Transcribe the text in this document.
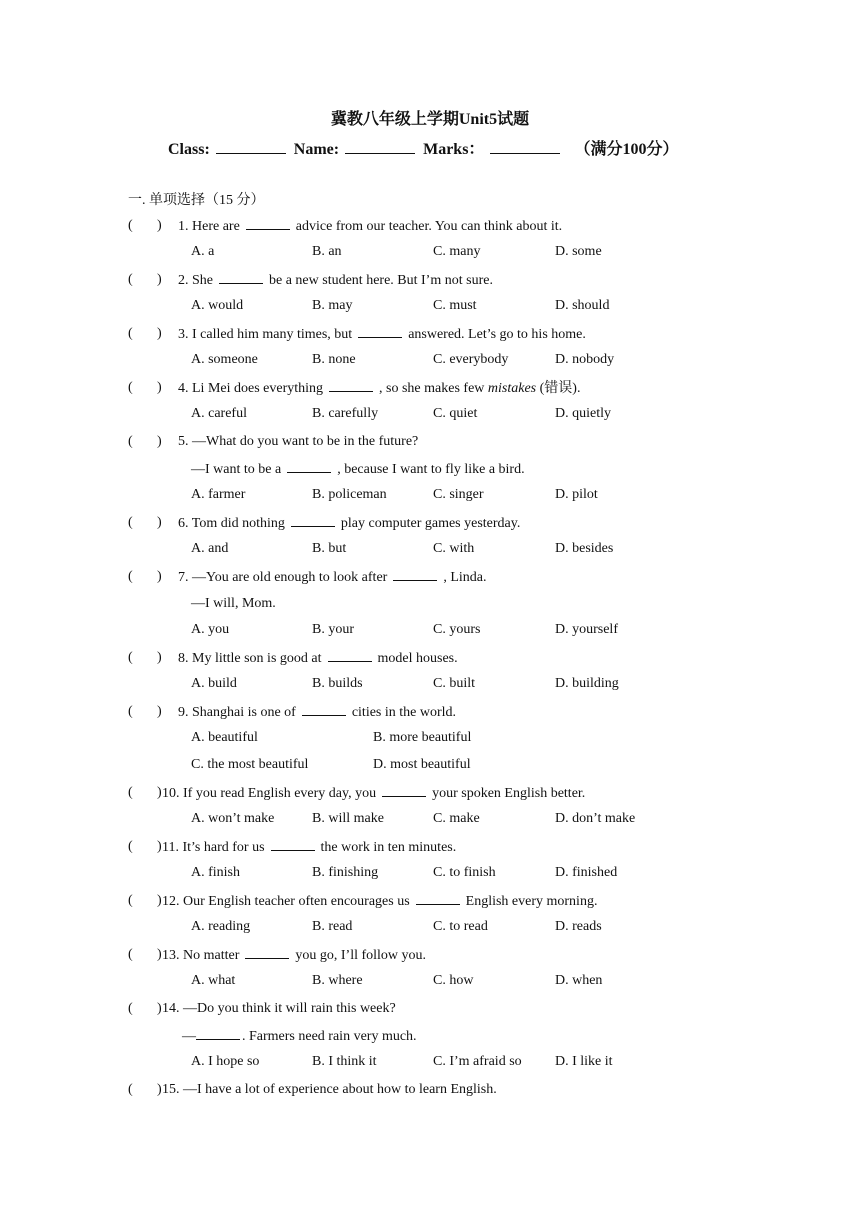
冀教八年级上学期Unit5试题
Class:	Name:	Marks：	（满分100分）
一. 单项选择（15 分）
( ) 1. Here are	advice from our teacher. You can think about it.
A. a	B. an	C. many	D. some
( ) 2. She	be a new student here. But I’m not sure.
A. would	B. may	C. must	D. should
( ) 3. I called him many times, but	answered. Let’s go to his home.
A. someone	B. none	C. everybody	D. nobody
( ) 4. Li Mei does everything	, so she makes few mistakes (错误).
A. careful	B. carefully	C. quiet	D. quietly
( ) 5. —What do you want to be in the future?
—I want to be a	, because I want to fly like a bird.
A. farmer	B. policeman	C. singer	D. pilot
( ) 6. Tom did nothing	play computer games yesterday.
A. and	B. but	C. with	D. besides
( ) 7. —You are old enough to look after	, Linda.
—I will, Mom.
A. you	B. your	C. yours	D. yourself
( ) 8. My little son is good at	model houses.
A. build	B. builds	C. built	D. building
( ) 9. Shanghai is one of	cities in the world.
A. beautiful	B. more beautiful
C. the most beautiful	D. most beautiful
( ) 10. If you read English every day, you	your spoken English better.
A. won’t make	B. will make	C. make	D. don’t make
( ) 11. It’s hard for us	the work in ten minutes.
A. finish	B. finishing	C. to finish	D. finished
( ) 12. Our English teacher often encourages us	English every morning.
A. reading	B. read	C. to read	D. reads
( ) 13. No matter	you go, I’ll follow you.
A. what	B. where	C. how	D. when
( ) 14. —Do you think it will rain this week?
—	. Farmers need rain very much.
A. I hope so	B. I think it	C. I’m afraid so D. I like it
( ) 15. —I have a lot of experience about how to learn English.
